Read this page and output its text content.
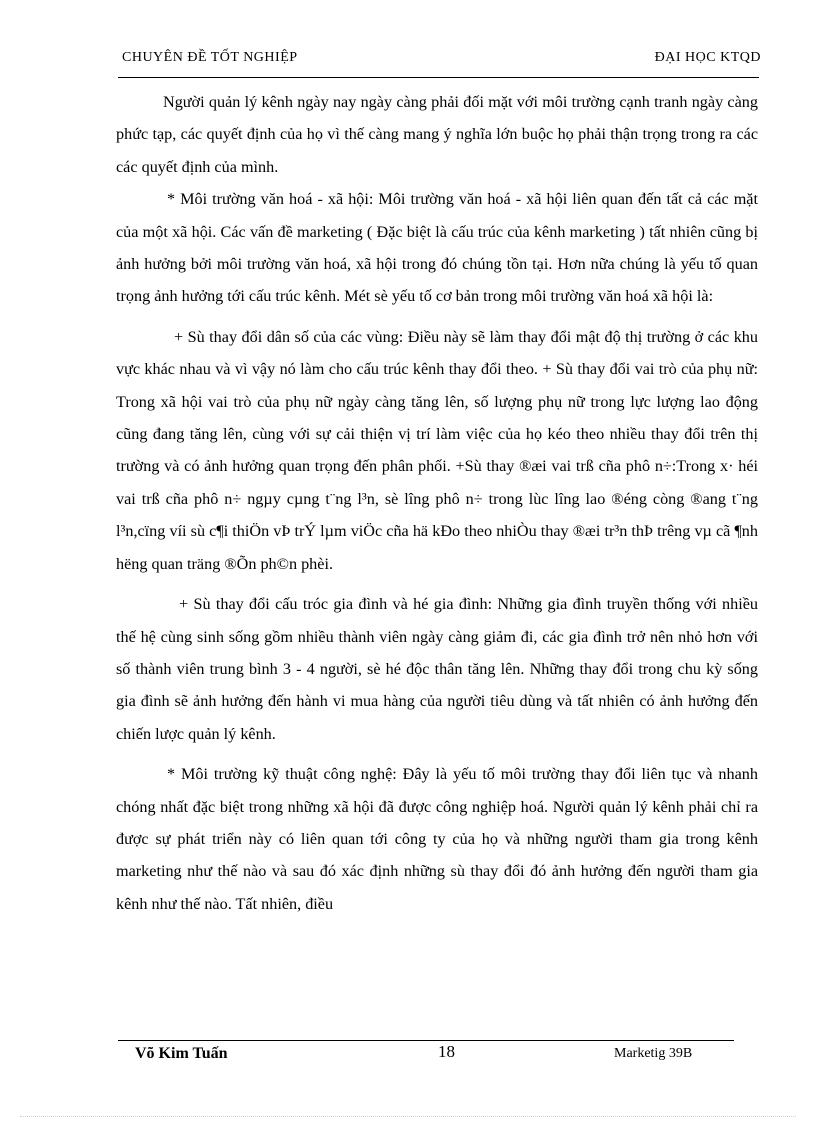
CHUYÊN ĐỀ TỐT NGHIỆP	ĐẠI HỌC KTQD

Người quản lý kênh ngày nay ngày càng phải đối mặt với môi trường cạnh tranh ngày càng phức tạp, các quyết định của họ vì thế càng mang ý nghĩa lớn buộc họ phải thận trọng trong ra các các quyết định của mình.

* Môi trường văn hoá - xã hội: Môi trường văn hoá - xã hội liên quan đến tất cả các mặt của một xã hội. Các vấn đề marketing ( Đặc biệt là cấu trúc của kênh marketing ) tất nhiên cũng bị ảnh hưởng bởi môi trường văn hoá, xã hội trong đó chúng tồn tại. Hơn nữa chúng là yếu tố quan trọng ảnh hưởng tới cấu trúc kênh. Mét sè yếu tố cơ bản trong môi trường văn hoá xã hội là:

+ Sù thay đổi dân số của các vùng: Điều này sẽ làm thay đổi mật độ thị trường ở các khu vực khác nhau và vì vậy nó làm cho cấu trúc kênh thay đổi theo. + Sù thay đổi vai trò của phụ nữ: Trong xã hội vai trò của phụ nữ ngày càng tăng lên, số lượng phụ nữ trong lực lượng lao động cũng đang tăng lên, cùng với sự cải thiện vị trí làm việc của họ kéo theo nhiều thay đổi trên thị trường và có ảnh hưởng quan trọng đến phân phối. +Sù thay ®æi vai trß cña phô n÷:Trong x· héi vai trß cña phô n÷ ngµy cµng t¨ng l³n, sè lîng phô n÷ trong lùc lîng lao ®éng còng ®ang t¨ng l³n,cïng víi sù c¶i thiÖn vÞ trÝ lµm viÖc cña hä kÐo theo nhiÒu thay ®æi tr³n thÞ trêng vµ cã ¶nh hëng quan träng ®Õn ph©n phèi.

+ Sù thay đổi cấu tróc gia đình và hé gia đình: Những gia đình truyền thống với nhiều thế hệ cùng sinh sống gồm nhiều thành viên ngày càng giảm đi, các gia đình trở nên nhỏ hơn với số thành viên trung bình 3 - 4 người, sè hé độc thân tăng lên. Những thay đổi trong chu kỳ sống gia đình sẽ ảnh hưởng đến hành vi mua hàng của người tiêu dùng và tất nhiên có ảnh hưởng đến chiến lược quản lý kênh.

* Môi trường kỹ thuật công nghệ: Đây là yếu tố môi trường thay đổi liên tục và nhanh chóng nhất đặc biệt trong những xã hội đã được công nghiệp hoá. Người quản lý kênh phải chỉ ra được sự phát triển này có liên quan tới công ty của họ và những người tham gia trong kênh marketing như thế nào và sau đó xác định những sù thay đổi đó ảnh hưởng đến người tham gia kênh như thế nào. Tất nhiên, điều

Võ Kim Tuấn	18	Marketig 39B
